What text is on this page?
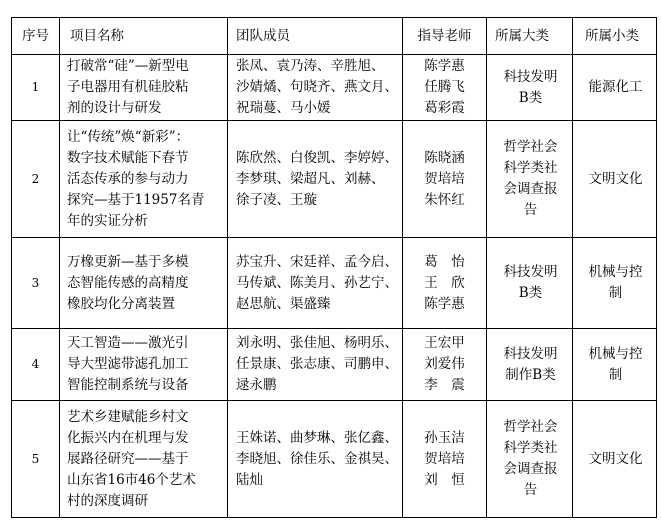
序号	项目名称	团队成员	指导老师	所属大类	所属小类
1	打破常“硅”—新型电
子电器用有机硅胶粘
剂的设计与研发	张凤、袁乃涛、辛胜旭、
沙婧燏、句晓齐、燕文月、
祝瑞蔓、马小媛	陈学惠
任腾飞
葛彩霞	科技发明
B类	能源化工

2	让“传统”焕“新彩”：
数字技术赋能下春节
活态传承的参与动力
探究—基于11957名青
年的实证分析	陈欣然、白俊凯、李婷婷、
李梦琪、梁超凡、刘赫、
徐子凌、王璇	陈晓涵
贺培培
朱怀红	哲学社会
科学类社
会调查报
告	文明文化

3	万橡更新—基于多模
态智能传感的高精度
橡胶均化分离装置	苏宝升、宋廷祥、孟今启、
马传斌、陈美月、孙艺宁、
赵思航、渠盛臻	葛　怡
王　欣
陈学惠	科技发明
B类	机械与控
制

4	天工智造——激光引
导大型滤带滤孔加工
智能控制系统与设备	刘永明、张佳旭、杨明乐、
任景康、张志康、司鹏申、
逯永鹏	王宏甲
刘爱伟
李　震	科技发明
制作B类	机械与控
制

5	艺术乡建赋能乡村文
化振兴内在机理与发
展路径研究——基于
山东省16市46个艺术
村的深度调研	王姝诺、曲梦琳、张亿鑫、
李晓旭、徐佳乐、金祺昊、
陆灿	孙玉洁
贺培培
刘　恒	哲学社会
科学类社
会调查报
告	文明文化
